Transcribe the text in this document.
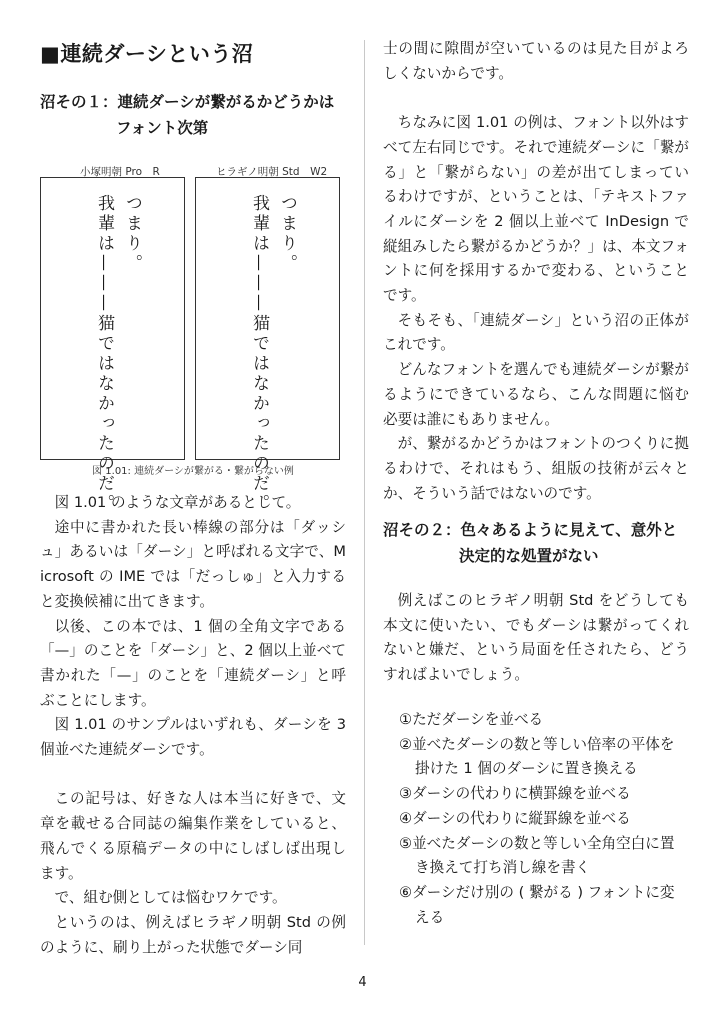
■連続ダーシという沼
沼その１：連続ダーシが繋がるかどうかは
フォント次第
小塚明朝 Pro　R	ヒラギノ明朝 Std　W2
つまり。
我輩は———猫ではなかったのだ。	つまり。
我輩は———猫ではなかったのだ。
図 1.01: 連続ダーシが繋がる・繋がらない例

図 1.01 のような文章があるとして。

途中に書かれた長い棒線の部分は「ダッシュ」あるいは「ダーシ」と呼ばれる文字で、Microsoft の IME では「だっしゅ」と入力すると変換候補に出てきます。

以後、この本では、1 個の全角文字である「—」のことを「ダーシ」と、2 個以上並べて書かれた「—」のことを「連続ダーシ」と呼ぶことにします。

図 1.01 のサンプルはいずれも、ダーシを 3 個並べた連続ダーシです。

この記号は、好きな人は本当に好きで、文章を載せる合同誌の編集作業をしていると、飛んでくる原稿データの中にしばしば出現します。

で、組む側としては悩むワケです。

というのは、例えばヒラギノ明朝 Std の例のように、刷り上がった状態でダーシ同

士の間に隙間が空いているのは見た目がよろしくないからです。

ちなみに図 1.01 の例は、フォント以外はすべて左右同じです。それで連続ダーシに「繋がる」と「繋がらない」の差が出てしまっているわけですが、ということは、「テキストファイルにダーシを 2 個以上並べて InDesign で縦組みしたら繋がるかどうか？」は、本文フォントに何を採用するかで変わる、ということです。

そもそも、「連続ダーシ」という沼の正体がこれです。

どんなフォントを選んでも連続ダーシが繋がるようにできているなら、こんな問題に悩む必要は誰にもありません。

が、繋がるかどうかはフォントのつくりに拠るわけで、それはもう、組版の技術が云々とか、そういう話ではないのです。

沼その２：色々あるように見えて、意外と
決定的な処置がない

例えばこのヒラギノ明朝 Std をどうしても本文に使いたい、でもダーシは繋がってくれないと嫌だ、という局面を任されたら、どうすればよいでしょう。

①ただダーシを並べる
②並べたダーシの数と等しい倍率の平体を掛けた 1 個のダーシに置き換える
③ダーシの代わりに横罫線を並べる
④ダーシの代わりに縦罫線を並べる
⑤並べたダーシの数と等しい全角空白に置き換えて打ち消し線を書く
⑥ダーシだけ別の ( 繋がる ) フォントに変える
4
